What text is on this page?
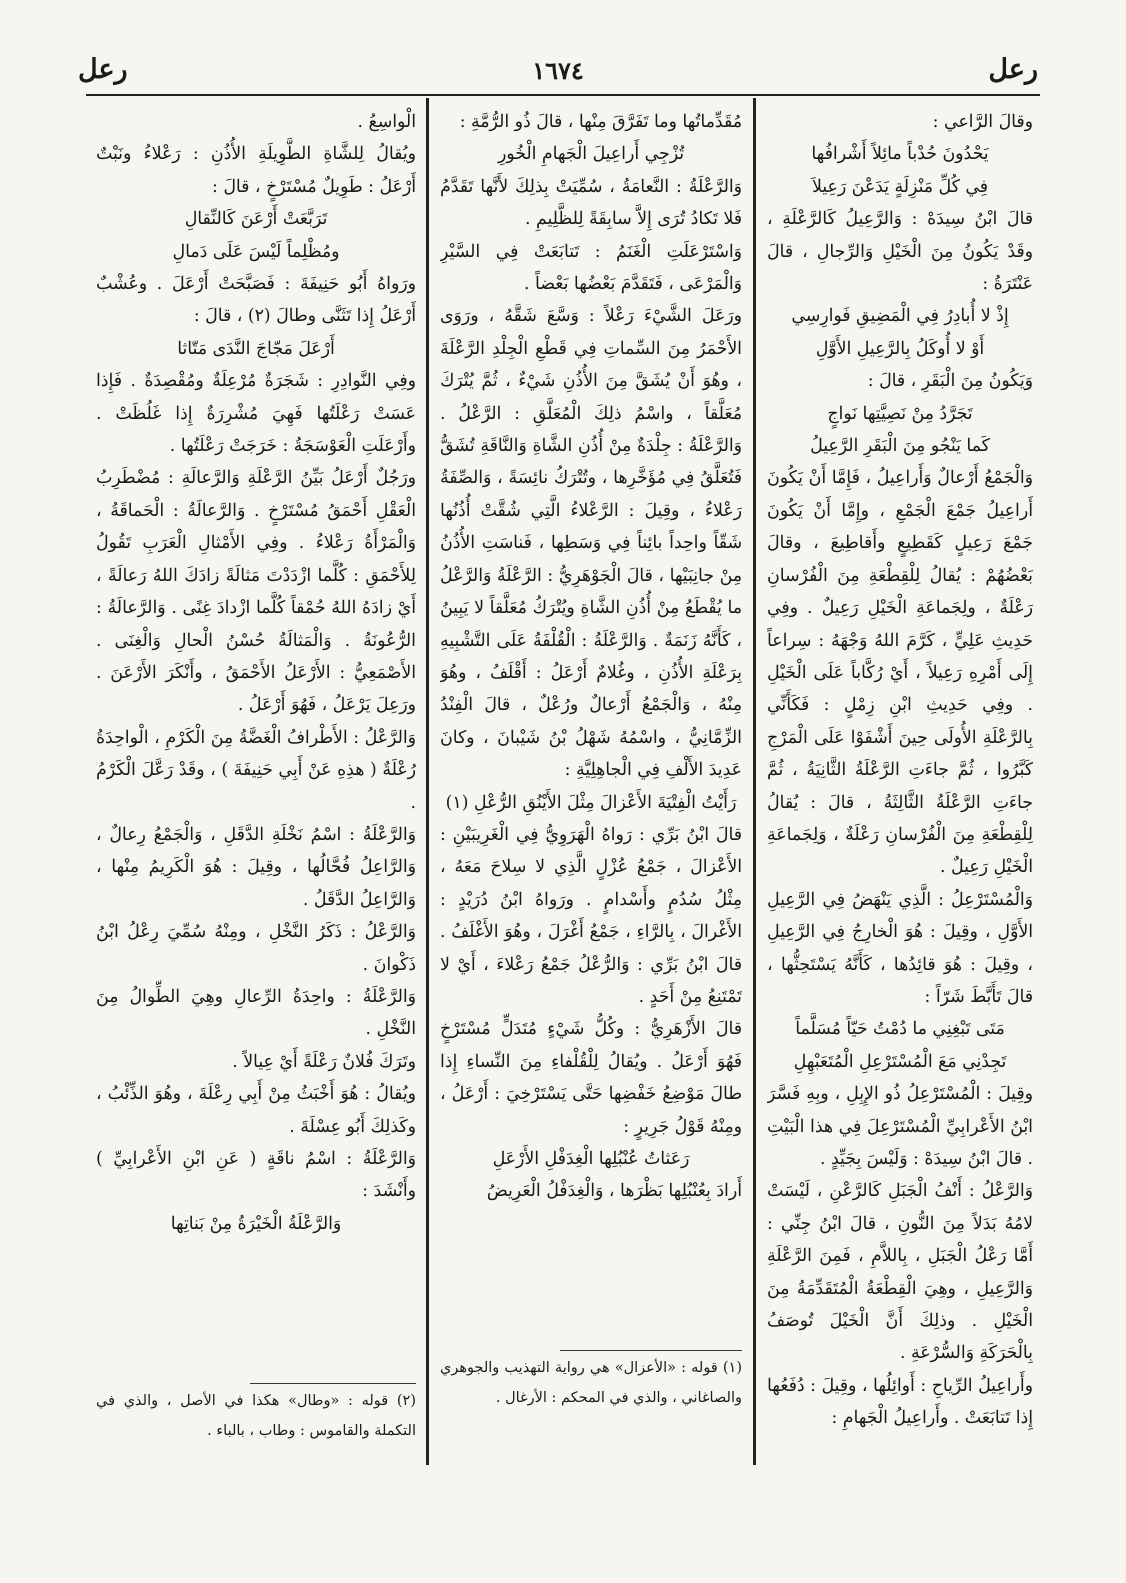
رعل
١٦٧٤
رعل

وقالَ الرَّاعي :

يَحْدُونَ حُدْباً مائِلاً أَشْرافُها

فِي كُلِّ مَنْزِلَةٍ يَدَعْنَ رَعِيلاَ

قالَ ابْنُ سِيدَهْ : وَالرَّعِيلُ كَالرَّعْلَةِ ، وقَدْ يَكُونُ مِنَ الْخَيْلِ وَالرِّجالِ ، قالَ عَنْتَرَةُ :

إِذْ لا أُبادِرُ فِي الْمَضِيقِ فَوارِسِي

أَوْ لا أُوكَلُ بِالرَّعِيلِ الأَوَّلِ

وَيَكُونُ مِنَ الْبَقَرِ ، قالَ :

تَجَرَّدُ مِنْ نَصِيَّتِها نَواجٍ

كَما يَنْجُو مِنَ الْبَقَرِ الرَّعِيلُ

وَالْجَمْعُ أَرْعالٌ وَأَراعِيلُ ، فَإِمَّا أَنْ يَكُونَ أَراعِيلُ جَمْعَ الْجَمْعِ ، وإِمَّا أَنْ يَكُونَ جَمْعَ رَعِيلٍ كَقَطِيعٍ وأَقاطِيعَ ، وقالَ بَعْضُهُمْ : يُقالُ لِلْقِطْعَةِ مِنَ الْفُرْسانِ رَعْلَةٌ ، ولِجَماعَةِ الْخَيْلِ رَعِيلٌ . وفِي حَدِيثِ عَلِيٍّ ، كَرَّمَ اللهُ وَجْهَهُ : سِراعاً إِلَى أَمْرِهِ رَعِيلاً ، أَيْ رُكَّاباً عَلَى الْخَيْلِ . وفِي حَدِيثِ ابْنِ زِمْلٍ : فَكَأَنِّي بِالرَّعْلَةِ الأُولَى حِينَ أَشْفَوْا عَلَى الْمَرْجِ كَبَّرُوا ، ثُمَّ جاءَتِ الرَّعْلَةُ الثَّانِيَةُ ، ثُمَّ جاءَتِ الرَّعْلَةُ الثَّالِثَةُ ، قالَ : يُقالُ لِلْقِطْعَةِ مِنَ الْفُرْسانِ رَعْلَةٌ ، وَلِجَماعَةِ الْخَيْلِ رَعِيلٌ .

وَالْمُسْتَرْعِلُ : الَّذِي يَنْهَضُ فِي الرَّعِيلِ الأَوَّلِ ، وقِيلَ : هُوَ الْخارِجُ فِي الرَّعِيلِ ، وقِيلَ : هُوَ قائِدُها ، كَأَنَّهُ يَسْتَحِثُّها ، قالَ تَأَبَّطَ شَرّاً :

مَتَى تَبْغِنِي ما دُمْتُ حَيّاً مُسَلَّماً

تَجِدْنِي مَعَ الْمُسْتَرْعِلِ الْمُتَعَبْهِلِ

وقِيلَ : الْمُسْتَرْعِلُ ذُو الإِبِلِ ، وبِهِ فَسَّرَ ابْنُ الأَعْرابِيِّ الْمُسْتَرْعِلَ فِي هذا الْبَيْتِ . قالَ ابْنُ سِيدَهْ : وَلَيْسَ بِجَيِّدٍ .

وَالرَّعْلُ : أَنْفُ الْجَبَلِ كَالرَّعْنِ ، لَيْسَتْ لامُهُ بَدَلاً مِنَ النُّونِ ، قالَ ابْنُ جِنِّي : أَمَّا رَعْلُ الْجَبَلِ ، بِاللاَّمِ ، فَمِنَ الرَّعْلَةِ وَالرَّعِيلِ ، وهِيَ الْقِطْعَةُ الْمُتَقَدِّمَةُ مِنَ الْخَيْلِ . وذلِكَ أَنَّ الْخَيْلَ تُوصَفُ بِالْحَرَكَةِ وَالسُّرْعَةِ .

وأَراعِيلُ الرِّياحِ : أَوائِلُها ، وقِيلَ : دُفَعُها إِذا تَتابَعَتْ . وأَراعِيلُ الْجَهامِ :

مُقَدِّماتُها وما تَفَرَّقَ مِنْها ، قالَ ذُو الرُّمَّةِ :

تُزْجِي أَراعِيلَ الْجَهامِ الْخُورِ

وَالرَّعْلَةُ : النَّعامَةُ ، سُمِّيَتْ بِذلِكَ لأَنَّها تَقَدَّمُ فَلا تَكادُ تُرَى إِلاَّ سابِقَةً لِلظَّلِيمِ .

وَاسْتَرْعَلَتِ الْغَنَمُ : تَتابَعَتْ فِي السَّيْرِ وَالْمَرْعَى ، فَتَقَدَّمَ بَعْضُها بَعْضاً .

ورَعَلَ الشَّيْءَ رَعْلاً : وَسَّعَ شَقَّهُ ، ورَوَى الأَحْمَرُ مِنَ السِّماتِ فِي قَطْعِ الْجِلْدِ الرَّعْلَةَ ، وهُوَ أَنْ يُشَقَّ مِنَ الأُذُنِ شَيْءٌ ، ثُمَّ يُتْرَكَ مُعَلَّقاً ، واسْمُ ذلِكَ الْمُعَلَّقِ : الرَّعْلُ . وَالرَّعْلَةُ : جِلْدَةٌ مِنْ أُذُنِ الشَّاةِ وَالنَّاقَةِ تُشَقُّ فَتُعَلَّقُ فِي مُؤَخَّرِها ، وتُتْرَكُ نائِسَةً ، وَالصِّفَةُ رَعْلاءُ ، وقِيلَ : الرَّعْلاءُ الَّتِي شُقَّتْ أُذُنُها شَقّاً واحِداً بائِناً فِي وَسَطِها ، فَناسَتِ الأُذُنُ مِنْ جانِبَيْها ، قالَ الْجَوْهَرِيُّ : الرَّعْلَةُ وَالرَّعْلُ ما يُقْطَعُ مِنْ أُذُنِ الشَّاةِ ويُتْرَكُ مُعَلَّقاً لا يَبِينُ ، كَأَنَّهُ زَنَمَةٌ . وَالرَّعْلَةُ : الْقُلْفَةُ عَلَى التَّشْبِيهِ بِرَعْلَةِ الأُذُنِ ، وغُلامٌ أَرْعَلُ : أَقْلَفُ ، وهُوَ مِنْهُ ، وَالْجَمْعُ أَرْعالٌ ورُعْلٌ ، قالَ الْفِنْدُ الزِّمَّانِيُّ ، واسْمُهُ شَهْلُ بْنُ شَيْبانَ ، وكانَ عَدِيدَ الأَلْفِ فِي الْجاهِلِيَّةِ :

رَأَيْتُ الْفِتْيَةَ الأَعْزالَ مِثْلَ الأَيْنُقِ الرُّعْلِ (١)

قالَ ابْنُ بَرِّي : رَواهُ الْهَرَوِيُّ فِي الْغَرِيبَيْنِ : الأَعْزالَ ، جَمْعُ عُزْلٍ الَّذِي لا سِلاحَ مَعَهُ ، مِثْلُ سُدُمٍ وأَسْدامٍ . ورَواهُ ابْنُ دُرَيْدٍ : الأَغْرالَ ، بِالرَّاءِ ، جَمْعُ أَغْرَلَ ، وهُوَ الأَغْلَفُ . قالَ ابْنُ بَرِّي : وَالرُّعْلُ جَمْعُ رَعْلاءَ ، أَيْ لا تَمْتَنِعُ مِنْ أَحَدٍ .

قالَ الأَزْهَرِيُّ : وكُلُّ شَيْءٍ مُتَدَلٍّ مُسْتَرْخٍ فَهُوَ أَرْعَلُ . ويُقالُ لِلْقُلْفاءِ مِنَ النِّساءِ إِذا طالَ مَوْضِعُ خَفْضِها حَتَّى يَسْتَرْخِيَ : أَرْعَلُ ، ومِنْهُ قَوْلُ جَرِيرٍ :

رَعَثاتُ عُنْبُلِها الْغِدَفْلِ الأَرْعَلِ

أَرادَ بِعُنْبُلِها بَظْرَها ، وَالْغِدَفْلُ الْعَرِيضُ

(١) قوله : «الأعزال» هي رواية التهذيب والجوهري والصاغاني ، والذي في المحكم : الأرغال .

الْواسِعُ .

ويُقالُ لِلشَّاةِ الطَّوِيلَةِ الأُذُنِ : رَعْلاءُ ونَبْتٌ أَرْعَلُ : طَوِيلٌ مُسْتَرْخٍ ، قالَ :

تَرَبَّعَتْ أَرْعَنَ كَالنِّقالِ

ومُظْلِماً لَيْسَ عَلَى دَمالِ

ورَواهُ أَبُو حَنِيفَةَ : فَصَبَّحَتْ أَرْعَلَ . وعُشْبٌ أَرْعَلُ إِذا تَثَنَّى وطالَ (٢) ، قالَ :

أَرْعَلَ مَجّاجَ النَّدَى مَتّاثا

وفِي النَّوادِرِ : شَجَرَةٌ مُرْعِلَةٌ ومُقْصِدَةٌ . فَإِذا عَسَتْ رَعْلَتُها فَهِيَ مُشْرِرَةٌ إِذا غَلُظَتْ . وأَرْعَلَتِ الْعَوْسَجَةُ : خَرَجَتْ رَعْلَتُها .

ورَجُلٌ أَرْعَلُ بَيِّنُ الرَّعْلَةِ وَالرَّعالَةِ : مُضْطَرِبُ الْعَقْلِ أَحْمَقُ مُسْتَرْخٍ . وَالرَّعالَةُ : الْحَماقَةُ ، وَالْمَرْأَةُ رَعْلاءُ . وفِي الأَمْثالِ الْعَرَبِ تَقُولُ لِلأَحْمَقِ : كُلَّما ازْدَدْتَ مَثالَةً زادَكَ اللهُ رَعالَةً ، أَيْ زادَهُ اللهُ حُمْقاً كُلَّما ازْدادَ غِنًى . وَالرَّعالَةُ : الرُّعُونَةُ . وَالْمَثالَةُ حُسْنُ الْحالِ وَالْغِنَى . الأَصْمَعِيُّ : الأَرْعَلُ الأَحْمَقُ ، وأَنْكَرَ الأَرْعَنَ . ورَعِلَ يَرْعَلُ ، فَهُوَ أَرْعَلُ .

وَالرَّعْلُ : الأَطْرافُ الْغَضَّةُ مِنَ الْكَرْمِ ، الْواحِدَةُ رُعْلَةٌ ( هذِهِ عَنْ أَبِي حَنِيفَةَ ) ، وقَدْ رَعَّلَ الْكَرْمُ .

وَالرَّعْلَةُ : اسْمُ نَخْلَةِ الدَّقَلِ ، وَالْجَمْعُ رِعالٌ ، وَالرَّاعِلُ فُحَّالُها ، وقِيلَ : هُوَ الْكَرِيمُ مِنْها ، وَالرَّاعِلُ الدَّقَلُ .

وَالرَّعْلُ : ذَكَرُ النَّخْلِ ، ومِنْهُ سُمِّيَ رِعْلُ ابْنُ ذَكْوانَ .

وَالرَّعْلَةُ : واحِدَةُ الرِّعالِ وهِيَ الطِّوالُ مِنَ النَّخْلِ .

وتَرَكَ فُلانٌ رَعْلَةً أَيْ عِيالاً .

ويُقالُ : هُوَ أَخْبَثُ مِنْ أَبِي رِعْلَةَ ، وهُوَ الذِّئْبُ ، وكَذلِكَ أَبُو عِسْلَةَ .

وَالرَّعْلَةُ : اسْمُ ناقَةٍ ( عَنِ ابْنِ الأَعْرابِيِّ ) وأَنْشَدَ :

وَالرَّعْلَةُ الْخَيْرَةُ مِنْ بَناتِها

(٢) قوله : «وطال» هكذا في الأصل ، والذي في التكملة والقاموس : وطاب ، بالباء .
